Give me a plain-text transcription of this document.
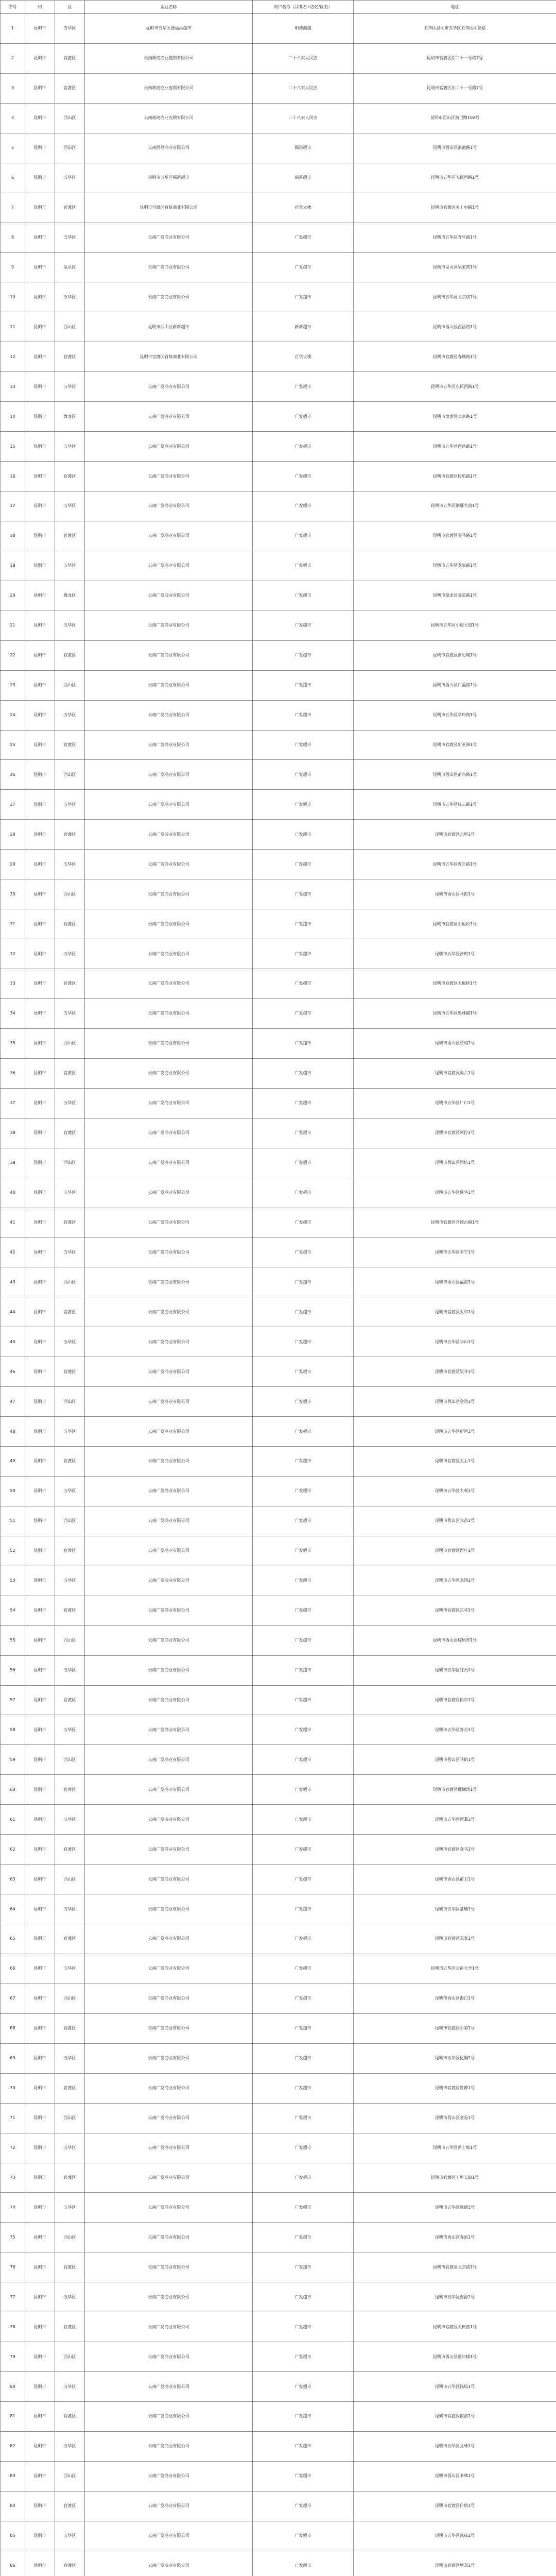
序号	州	区	企业名称	商户名称（品牌名+店名/区名）	地址
1	昆明市	五华区	昆明市五华区德福昌超市	明德商超	五华区昆明市五华区五华区明德路
2	昆明市	官渡区	云南新商商业连锁有限公司	二十八家人民店	昆明市官渡区东二十一号路7号
3	昆明市	官渡区	云南新商商业连锁有限公司	二十八家人民店	昆明市官渡区东二十一号路7号
4	昆明市	西山区	云南新商商业连锁有限公司	二十八家人民店	昆明市西山区前卫路102号
5	昆明市	西山区	云南润昌商业有限公司	福昌超市	昆明市西山区滇池路1号
6	昆明市	五华区	昆明市五华区福新超市	福新超市	昆明市五华区人民西路1号
7	昆明市	官渡区	昆明市官渡区百货商业有限公司	百货大楼	昆明市官渡区关上中路1号
8	昆明市	五华区	云南广发商业有限公司	广发超市	昆明市五华区青年路1号
9	昆明市	呈贡区	云南广发商业有限公司	广发超市	昆明市呈贡区吴家营1号
10	昆明市	五华区	云南广发商业有限公司	广发超市	昆明市五华区北京路1号
11	昆明市	西山区	昆明市西山区新新超市	新新超市	昆明市西山区西昌路1号
12	昆明市	官渡区	昆明市官渡区百货商业有限公司	百货大楼	昆明市官渡区春城路1号
13	昆明市	五华区	云南广发商业有限公司	广发超市	昆明市五华区东风西路1号
14	昆明市	盘龙区	云南广发商业有限公司	广发超市	昆明市盘龙区北京路1号
15	昆明市	五华区	云南广发商业有限公司	广发超市	昆明市五华区西昌路1号
16	昆明市	官渡区	云南广发商业有限公司	广发超市	昆明市官渡区民航路1号
17	昆明市	五华区	云南广发商业有限公司	广发超市	昆明市五华区滇缅大道1号
18	昆明市	官渡区	云南广发商业有限公司	广发超市	昆明市官渡区金马路1号
19	昆明市	五华区	云南广发商业有限公司	广发超市	昆明市五华区龙泉路1号
20	昆明市	盘龙区	云南广发商业有限公司	广发超市	昆明市盘龙区金星路1号
21	昆明市	五华区	云南广发商业有限公司	广发超市	昆明市五华区小康大道1号
22	昆明市	官渡区	云南广发商业有限公司	广发超市	昆明市官渡区世纪城1号
23	昆明市	西山区	云南广发商业有限公司	广发超市	昆明市西山区广福路1号
24	昆明市	五华区	云南广发商业有限公司	广发超市	昆明市五华区学府路1号
25	昆明市	官渡区	云南广发商业有限公司	广发超市	昆明市官渡区新亚洲1号
26	昆明市	西山区	云南广发商业有限公司	广发超市	昆明市西山区前兴路1号
27	昆明市	五华区	云南广发商业有限公司	广发超市	昆明市五华区红云路1号
28	昆明市	官渡区	云南广发商业有限公司	广发超市	昆明市官渡区六甲1号
29	昆明市	五华区	云南广发商业有限公司	广发超市	昆明市五华区普吉路1号
30	昆明市	西山区	云南广发商业有限公司	广发超市	昆明市西山区马街1号
31	昆明市	官渡区	云南广发商业有限公司	广发超市	昆明市官渡区小板桥1号
32	昆明市	五华区	云南广发商业有限公司	广发超市	昆明市五华区沙朗1号
33	昆明市	官渡区	云南广发商业有限公司	广发超市	昆明市官渡区大板桥1号
34	昆明市	五华区	云南广发商业有限公司	广发超市	昆明市五华区黑林铺1号
35	昆明市	西山区	云南广发商业有限公司	广发超市	昆明市西山区碧鸡1号
36	昆明市	官渡区	云南广发商业有限公司	广发超市	昆明市官渡区矣六1号
37	昆明市	五华区	云南广发商业有限公司	广发超市	昆明市五华区厂口1号
38	昆明市	官渡区	云南广发商业有限公司	广发超市	昆明市官渡区阿拉1号
39	昆明市	西山区	云南广发商业有限公司	广发超市	昆明市西山区团结1号
40	昆明市	五华区	云南广发商业有限公司	广发超市	昆明市五华区莲华1号
41	昆明市	官渡区	云南广发商业有限公司	广发超市	昆明市官渡区官渡古镇1号
42	昆明市	五华区	云南广发商业有限公司	广发超市	昆明市五华区丰宁1号
43	昆明市	西山区	云南广发商业有限公司	广发超市	昆明市西山区福海1号
44	昆明市	官渡区	云南广发商业有限公司	广发超市	昆明市官渡区太和1号
45	昆明市	五华区	云南广发商业有限公司	广发超市	昆明市五华区华山1号
46	昆明市	官渡区	云南广发商业有限公司	广发超市	昆明市官渡区吴井1号
47	昆明市	西山区	云南广发商业有限公司	广发超市	昆明市西山区金碧1号
48	昆明市	五华区	云南广发商业有限公司	广发超市	昆明市五华区护国1号
49	昆明市	官渡区	云南广发商业有限公司	广发超市	昆明市官渡区关上1号
50	昆明市	五华区	云南广发商业有限公司	广发超市	昆明市五华区大观1号
51	昆明市	西山区	云南广发商业有限公司	广发超市	昆明市西山区永昌1号
52	昆明市	官渡区	云南广发商业有限公司	广发超市	昆明市官渡区西庄1号
53	昆明市	五华区	云南广发商业有限公司	广发超市	昆明市五华区龙翔1号
54	昆明市	官渡区	云南广发商业有限公司	广发超市	昆明市官渡区东华1号
55	昆明市	西山区	云南广发商业有限公司	广发超市	昆明市西山区棕树营1号
56	昆明市	五华区	云南广发商业有限公司	广发超市	昆明市五华区红云1号
57	昆明市	官渡区	云南广发商业有限公司	广发超市	昆明市官渡区拓东1号
58	昆明市	五华区	云南广发商业有限公司	广发超市	昆明市五华区普吉1号
59	昆明市	西山区	云南广发商业有限公司	广发超市	昆明市西山区马街1号
60	昆明市	官渡区	云南广发商业有限公司	广发超市	昆明市官渡区螺蛳湾1号
61	昆明市	五华区	云南广发商业有限公司	广发超市	昆明市五华区西翥1号
62	昆明市	官渡区	云南广发商业有限公司	广发超市	昆明市官渡区金马1号
63	昆明市	西山区	云南广发商业有限公司	广发超市	昆明市西山区前卫1号
64	昆明市	五华区	云南广发商业有限公司	广发超市	昆明市五华区篆塘1号
65	昆明市	官渡区	云南广发商业有限公司	广发超市	昆明市官渡区双龙1号
66	昆明市	五华区	云南广发商业有限公司	广发超市	昆明市五华区云南大学1号
67	昆明市	西山区	云南广发商业有限公司	广发超市	昆明市西山区海口1号
68	昆明市	官渡区	云南广发商业有限公司	广发超市	昆明市官渡区小哨1号
69	昆明市	五华区	云南广发商业有限公司	广发超市	昆明市五华区昆钢1号
70	昆明市	官渡区	云南广发商业有限公司	广发超市	昆明市官渡区世博1号
71	昆明市	西山区	云南广发商业有限公司	广发超市	昆明市西山区金星1号
72	昆明市	五华区	云南广发商业有限公司	广发超市	昆明市五华区黄土坡1号
73	昆明市	官渡区	云南广发商业有限公司	广发超市	昆明市官渡区十里长街1号
74	昆明市	五华区	云南广发商业有限公司	广发超市	昆明市五华区圆通1号
75	昆明市	西山区	云南广发商业有限公司	广发超市	昆明市西山区春雨1号
76	昆明市	官渡区	云南广发商业有限公司	广发超市	昆明市官渡区北京路1号
77	昆明市	五华区	云南广发商业有限公司	广发超市	昆明市五华区海源1号
78	昆明市	官渡区	云南广发商业有限公司	广发超市	昆明市官渡区大树营1号
79	昆明市	西山区	云南广发商业有限公司	广发超市	昆明市西山区近日楼1号
80	昆明市	五华区	云南广发商业有限公司	广发超市	昆明市五华区钱局1号
81	昆明市	官渡区	云南广发商业有限公司	广发超市	昆明市官渡区南窑1号
82	昆明市	五华区	云南广发商业有限公司	广发超市	昆明市五华区文林1号
83	昆明市	西山区	云南广发商业有限公司	广发超市	昆明市西山区书林1号
84	昆明市	官渡区	云南广发商业有限公司	广发超市	昆明市官渡区白塔1号
85	昆明市	五华区	云南广发商业有限公司	广发超市	昆明市五华区武成1号
86	昆明市	官渡区	云南广发商业有限公司	广发超市	昆明市官渡区塘双1号
